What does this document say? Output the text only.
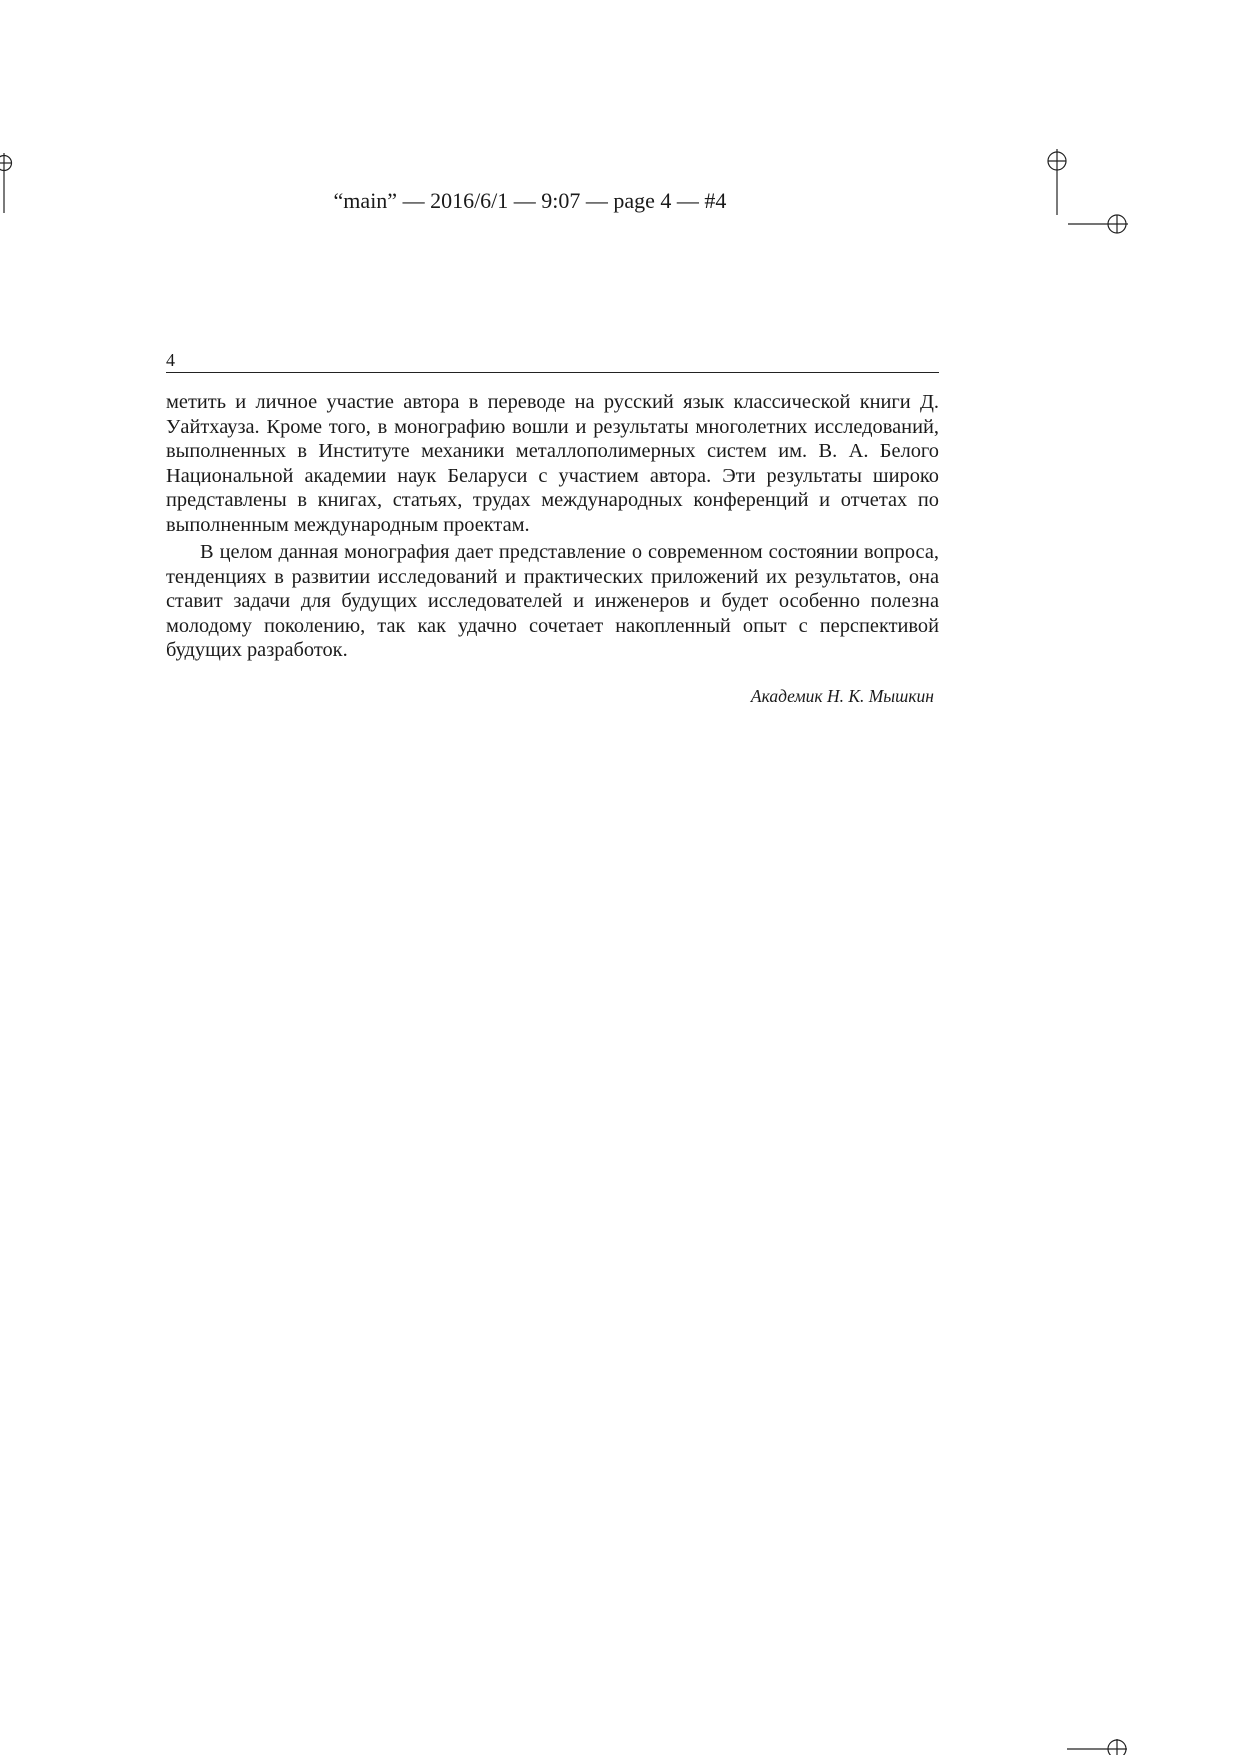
“main” — 2016/6/1 — 9:07 — page 4 — #4
4

метить и личное участие автора в переводе на русский язык классической книги Д. Уайтхауза. Кроме того, в монографию вошли и результаты многолетних исследований, выполненных в Институте механики металлополимерных систем им. В. А. Белого Национальной академии наук Беларуси с участием автора. Эти результаты широко представлены в книгах, статьях, трудах международных конференций и отчетах по выполненным международным проектам.

В целом данная монография дает представление о современном состоянии вопроса, тенденциях в развитии исследований и практических приложений их результатов, она ставит задачи для будущих исследователей и инженеров и будет особенно полезна молодому поколению, так как удачно сочетает накопленный опыт с перспективой будущих разработок.

Академик Н. К. Мышкин
